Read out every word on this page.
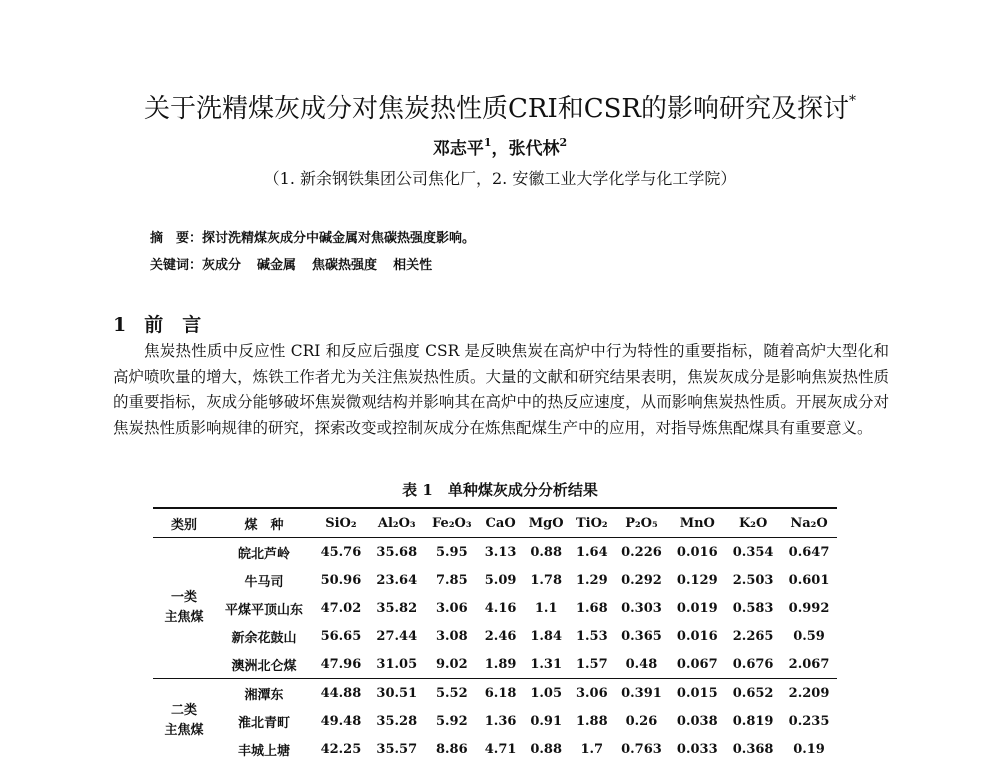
关于洗精煤灰成分对焦炭热性质CRI和CSR的影响研究及探讨*
邓志平$^1$，张代林$^2$
（1. 新余钢铁集团公司焦化厂，2. 安徽工业大学化学与化工学院）
摘　要：探讨洗精煤灰成分中碱金属对焦碳热强度影响。
关键词：灰成分 碱金属 焦碳热强度 相关性
1 前　言

焦炭热性质中反应性 CRI 和反应后强度 CSR 是反映焦炭在高炉中行为特性的重要指标，随着高炉大型化和高炉喷吹量的增大，炼铁工作者尤为关注焦炭热性质。大量的文献和研究结果表明，焦炭灰成分是影响焦炭热性质的重要指标，灰成分能够破坏焦炭微观结构并影响其在高炉中的热反应速度，从而影响焦炭热性质。开展灰成分对焦炭热性质影响规律的研究，探索改变或控制灰成分在炼焦配煤生产中的应用，对指导炼焦配煤具有重要意义。

表 1　单种煤灰成分分析结果
类别	煤　种	SiO₂	Al₂O₃	Fe₂O₃	CaO	MgO	TiO₂	P₂O₅	MnO	K₂O	Na₂O
一类
主焦煤	皖北芦岭	45.76	35.68	5.95	3.13	0.88	1.64	0.226	0.016	0.354	0.647
	牛马司	50.96	23.64	7.85	5.09	1.78	1.29	0.292	0.129	2.503	0.601
	平煤平顶山东	47.02	35.82	3.06	4.16	1.1	1.68	0.303	0.019	0.583	0.992
	新余花鼓山	56.65	27.44	3.08	2.46	1.84	1.53	0.365	0.016	2.265	0.59
	澳洲北仑煤	47.96	31.05	9.02	1.89	1.31	1.57	0.48	0.067	0.676	2.067
二类
主焦煤	湘潭东	44.88	30.51	5.52	6.18	1.05	3.06	0.391	0.015	0.652	2.209
	淮北青町	49.48	35.28	5.92	1.36	0.91	1.88	0.26	0.038	0.819	0.235
	丰城上塘	42.25	35.57	8.86	4.71	0.88	1.7	0.763	0.033	0.368	0.19
